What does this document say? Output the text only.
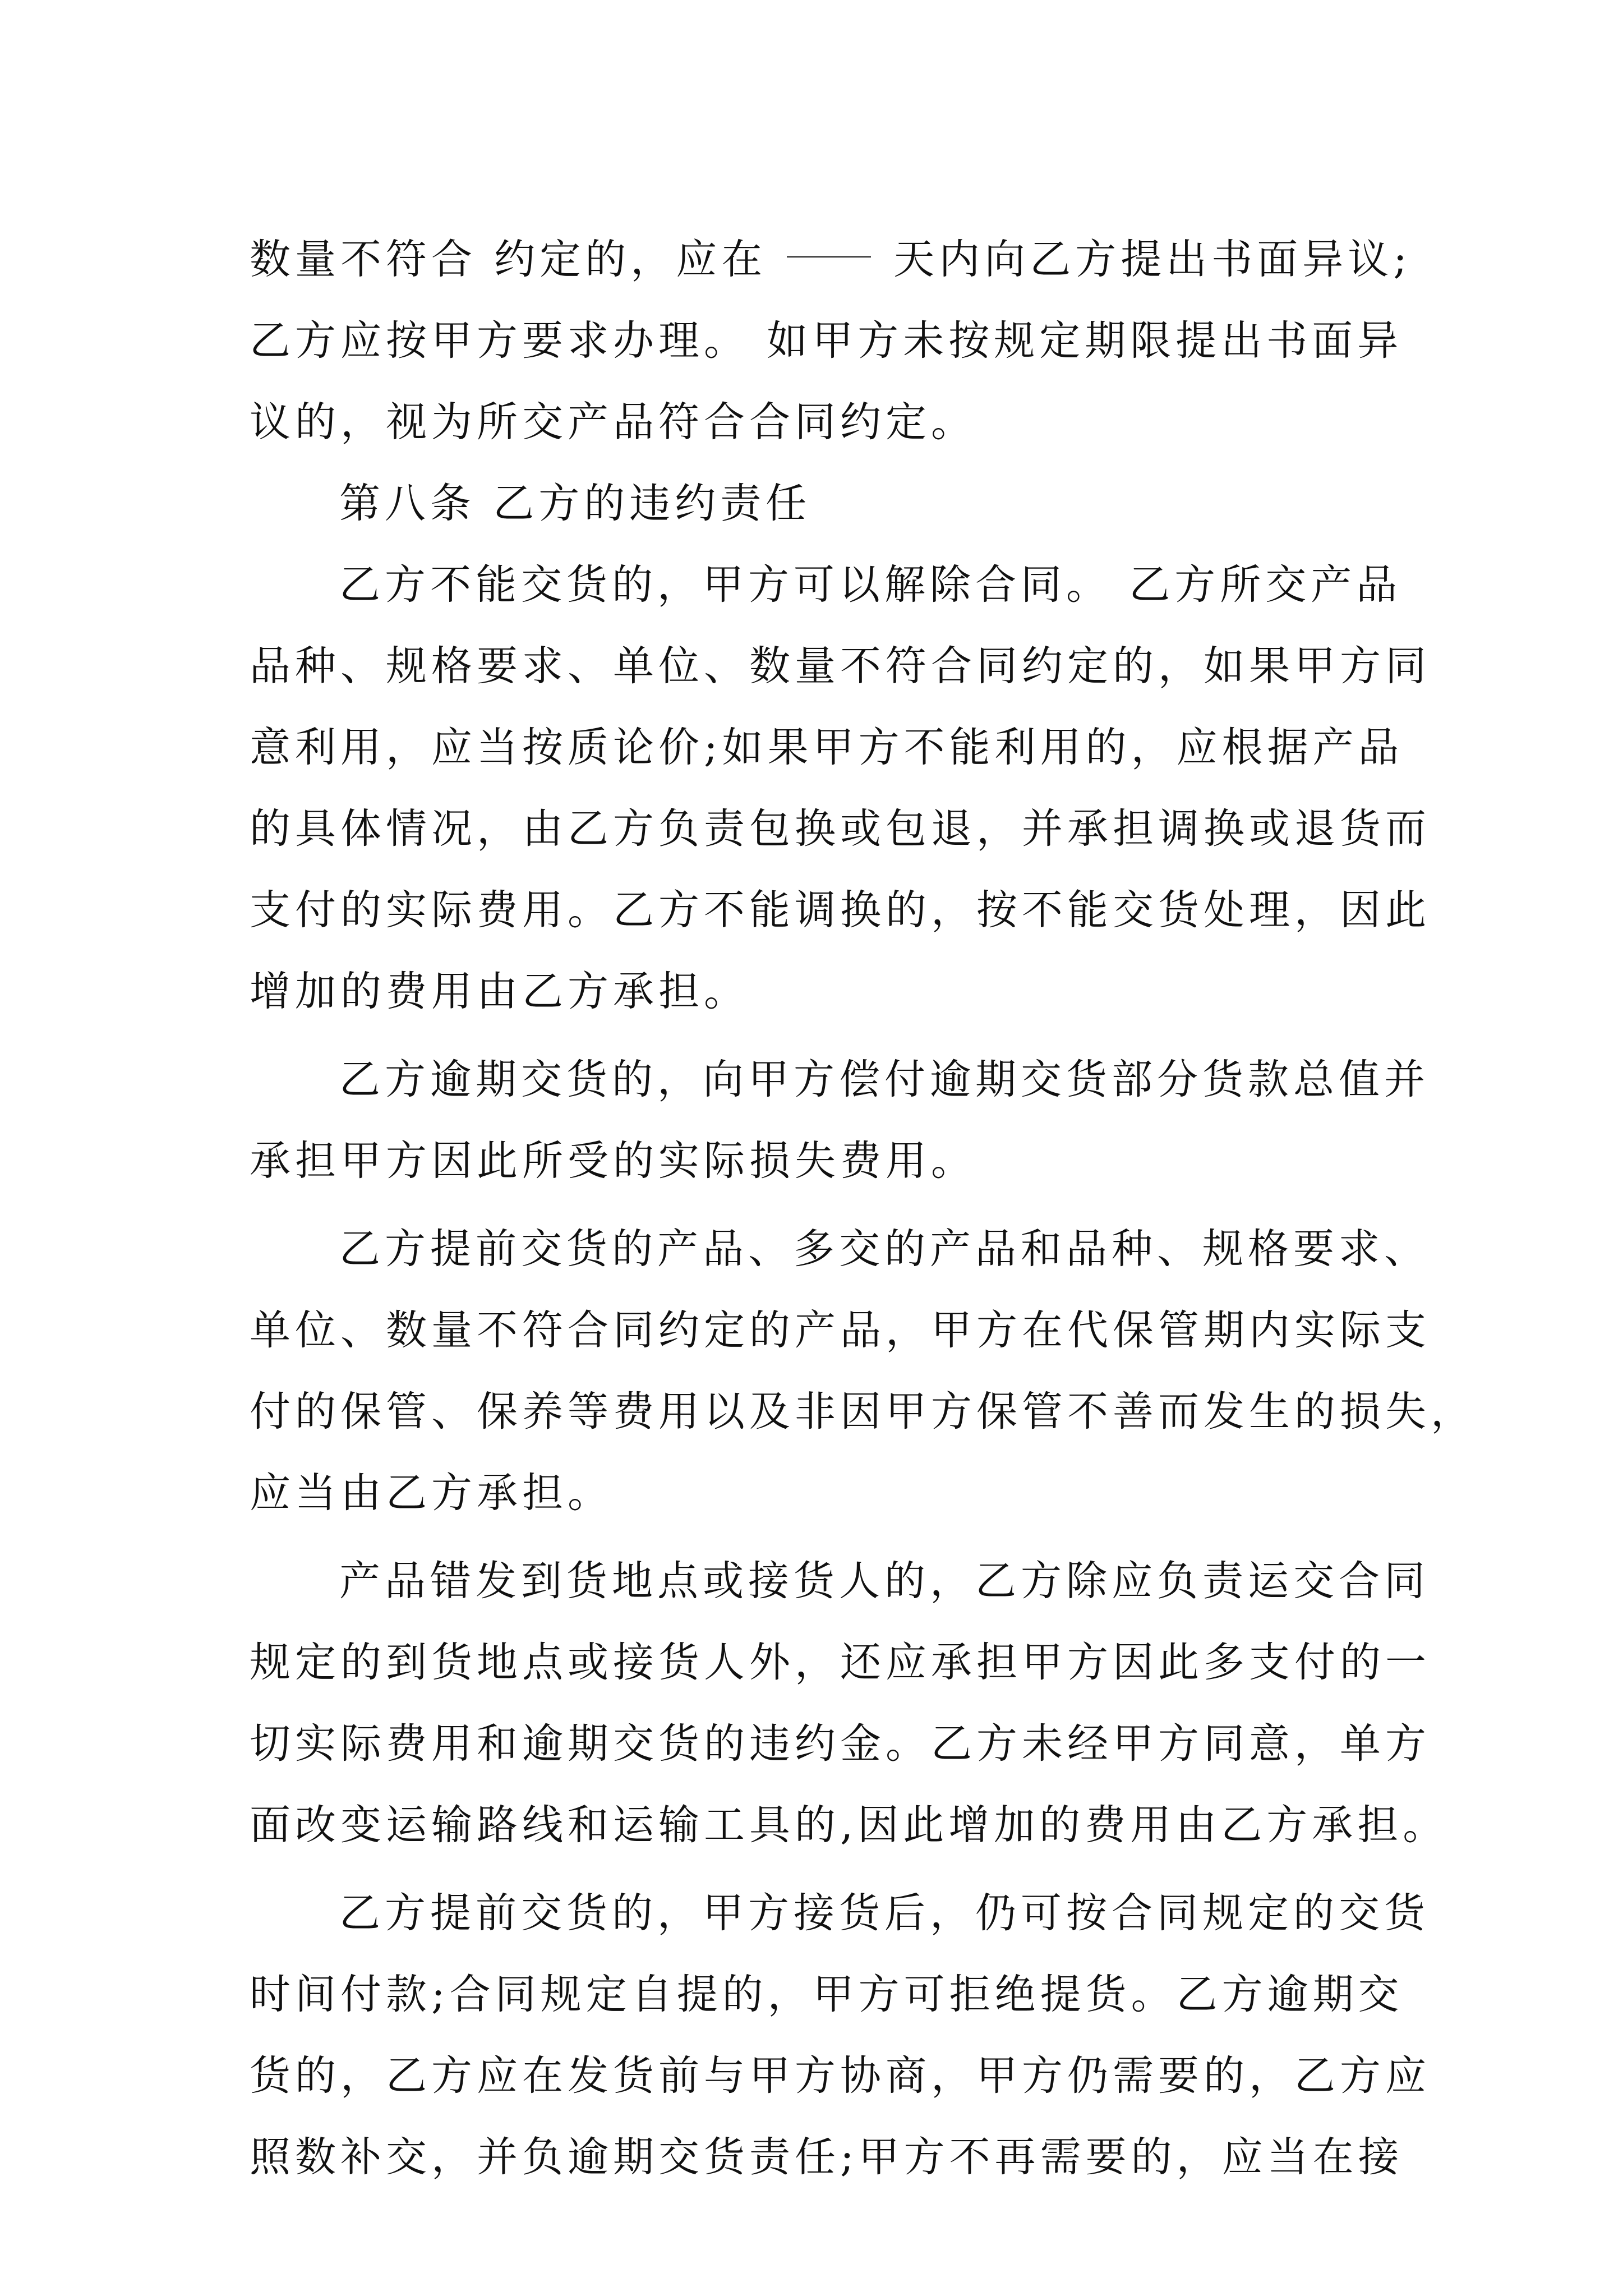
数量不符合 约定的，应在	天内向乙方提出书面异议;
乙方应按甲方要求办理。 如甲方未按规定期限提出书面异
议的，视为所交产品符合合同约定。
第八条 乙方的违约责任
乙方不能交货的，甲方可以解除合同。 乙方所交产品
品种、规格要求、单位、数量不符合同约定的，如果甲方同
意利用，应当按质论价;如果甲方不能利用的，应根据产品
的具体情况，由乙方负责包换或包退，并承担调换或退货而
支付的实际费用。乙方不能调换的，按不能交货处理，因此
增加的费用由乙方承担。
乙方逾期交货的，向甲方偿付逾期交货部分货款总值并
承担甲方因此所受的实际损失费用。
乙方提前交货的产品、多交的产品和品种、规格要求、
单位、数量不符合同约定的产品，甲方在代保管期内实际支
付的保管、保养等费用以及非因甲方保管不善而发生的损失，
应当由乙方承担。
产品错发到货地点或接货人的，乙方除应负责运交合同
规定的到货地点或接货人外，还应承担甲方因此多支付的一
切实际费用和逾期交货的违约金。乙方未经甲方同意，单方
面改变运输路线和运输工具的,因此增加的费用由乙方承担。
乙方提前交货的，甲方接货后，仍可按合同规定的交货
时间付款;合同规定自提的，甲方可拒绝提货。乙方逾期交
货的，乙方应在发货前与甲方协商，甲方仍需要的，乙方应
照数补交，并负逾期交货责任;甲方不再需要的，应当在接
